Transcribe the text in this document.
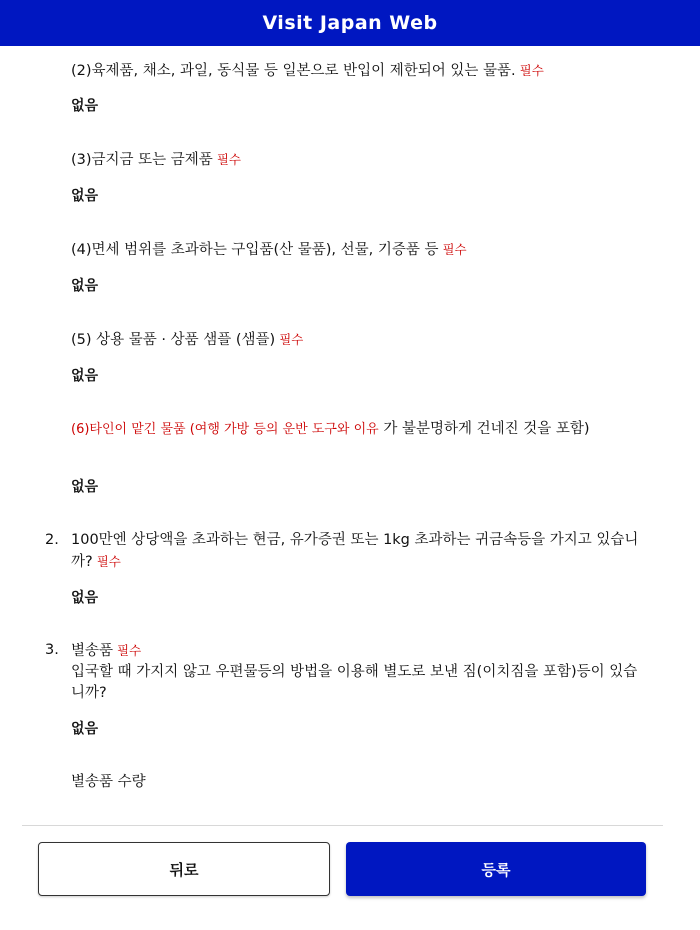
Visit Japan Web
(2)육제품, 채소, 과일, 동식물 등 일본으로 반입이 제한되어 있는 물품. 필수
없음
(3)금지금 또는 금제품 필수
없음
(4)면세 범위를 초과하는 구입품(산 물품), 선물, 기증품 등 필수
없음
(5) 상용 물품 · 상품 샘플 (샘플) 필수
없음
(6)타인이 맡긴 물품 (여행 가방 등의 운반 도구와 이유 가 불분명하게 건네진 것을 포함)
없음
2. 100만엔 상당액을 초과하는 현금, 유가증권 또는 1kg 초과하는 귀금속등을 가지고 있습니까? 필수
없음
3. 별송품 필수
입국할 때 가지지 않고 우편물등의 방법을 이용해 별도로 보낸 짐(이치짐을 포함)등이 있습니까?
없음
별송품 수량
뒤로	등록
